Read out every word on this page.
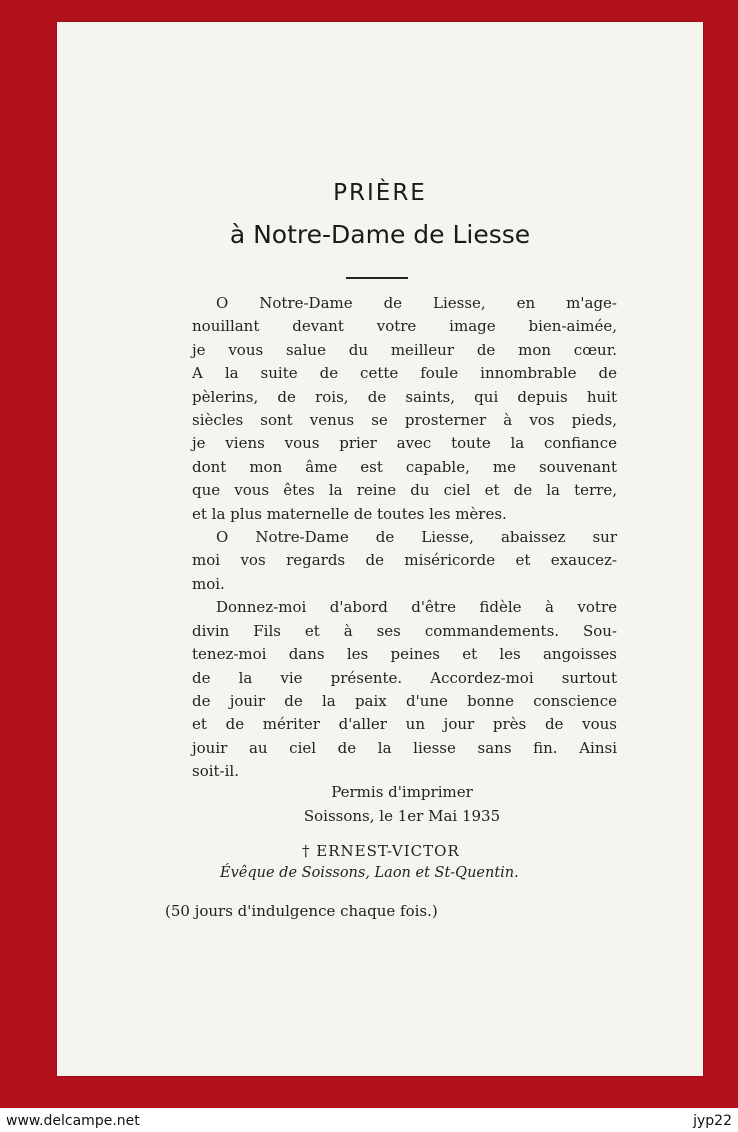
PRIÈRE
à Notre-Dame de Liesse
O Notre-Dame de Liesse, en m'age-
nouillant devant votre image bien-aimée,
je vous salue du meilleur de mon cœur.
A la suite de cette foule innombrable de
pèlerins, de rois, de saints, qui depuis huit
siècles sont venus se prosterner à vos pieds,
je viens vous prier avec toute la confiance
dont mon âme est capable, me souvenant
que vous êtes la reine du ciel et de la terre,
et la plus maternelle de toutes les mères.
O Notre-Dame de Liesse, abaissez sur
moi vos regards de miséricorde et exaucez-
moi.
Donnez-moi d'abord d'être fidèle à votre
divin Fils et à ses commandements. Sou-
tenez-moi dans les peines et les angoisses
de la vie présente. Accordez-moi surtout
de jouir de la paix d'une bonne conscience
et de mériter d'aller un jour près de vous
jouir au ciel de la liesse sans fin. Ainsi
soit-il.
Permis d'imprimer
Soissons, le 1er Mai 1935
† ERNEST-VICTOR
Évêque de Soissons, Laon et St-Quentin.
(50 jours d'indulgence chaque fois.)
www.delcampe.net	jyp22
